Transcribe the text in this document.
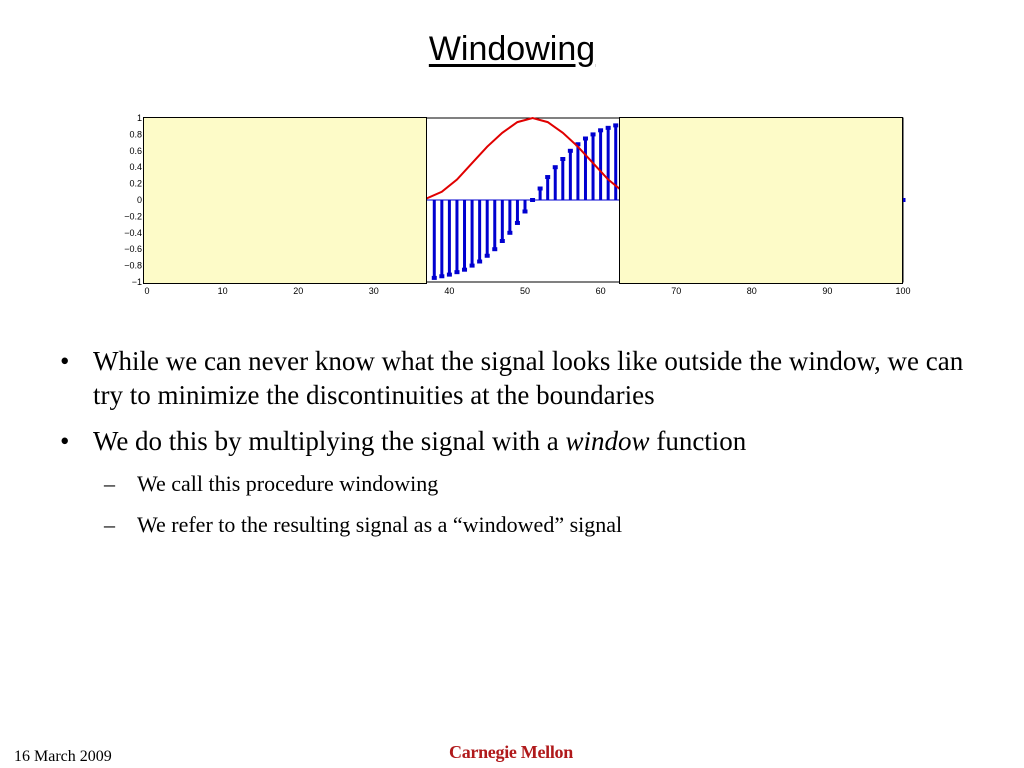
Windowing
0	10	20	30	40	50	60	70	80	90	100
1
0.8
0.6
0.4
0.2
0
−0.2
−0.4
−0.6
−0.8
−1
• While we can never know what the signal looks like outside the window, we can try to minimize the discontinuities at the boundaries
• We do this by multiplying the signal with a window function
– We call this procedure windowing
– We refer to the resulting signal as a “windowed” signal
16 March 2009	Carnegie Mellon
